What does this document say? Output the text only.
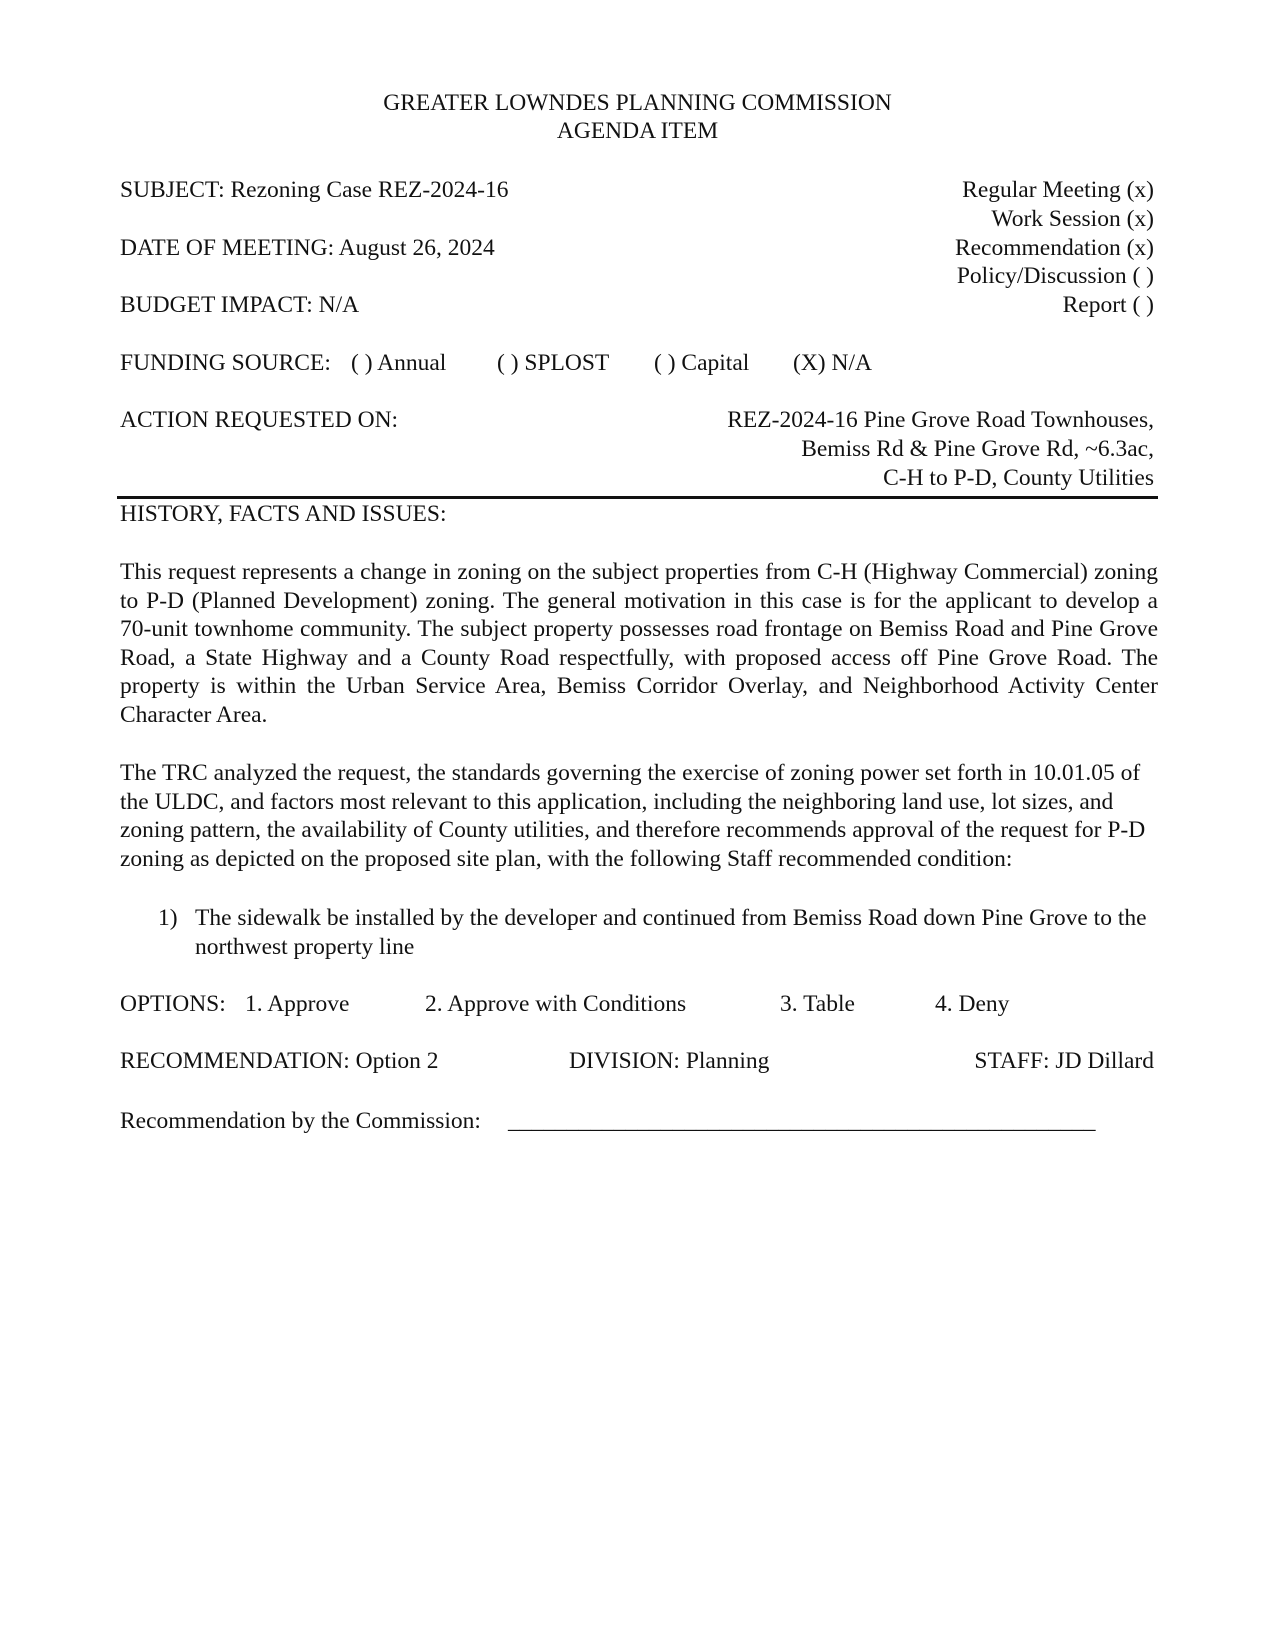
GREATER LOWNDES PLANNING COMMISSION
AGENDA ITEM
SUBJECT: Rezoning Case REZ-2024-16
DATE OF MEETING: August 26, 2024
BUDGET IMPACT: N/A
Regular Meeting (x)
Work Session (x)
Recommendation (x)
Policy/Discussion ( )
Report ( )
FUNDING SOURCE: ( ) Annual ( ) SPLOST ( ) Capital (X) N/A
ACTION REQUESTED ON:	REZ-2024-16 Pine Grove Road Townhouses,
Bemiss Rd & Pine Grove Rd, ~6.3ac,
C-H to P-D, County Utilities
HISTORY, FACTS AND ISSUES:
This request represents a change in zoning on the subject properties from C-H (Highway Commercial) zoning to P-D (Planned Development) zoning. The general motivation in this case is for the applicant to develop a 70-unit townhome community. The subject property possesses road frontage on Bemiss Road and Pine Grove Road, a State Highway and a County Road respectfully, with proposed access off Pine Grove Road. The property is within the Urban Service Area, Bemiss Corridor Overlay, and Neighborhood Activity Center Character Area.
The TRC analyzed the request, the standards governing the exercise of zoning power set forth in 10.01.05 of the ULDC, and factors most relevant to this application, including the neighboring land use, lot sizes, and zoning pattern, the availability of County utilities, and therefore recommends approval of the request for P-D zoning as depicted on the proposed site plan, with the following Staff recommended condition:
1) The sidewalk be installed by the developer and continued from Bemiss Road down Pine Grove to the northwest property line
OPTIONS: 1. Approve	2. Approve with Conditions	3. Table	4. Deny
RECOMMENDATION: Option 2	DIVISION: Planning	STAFF: JD Dillard
Recommendation by the Commission: __________________________________________________
